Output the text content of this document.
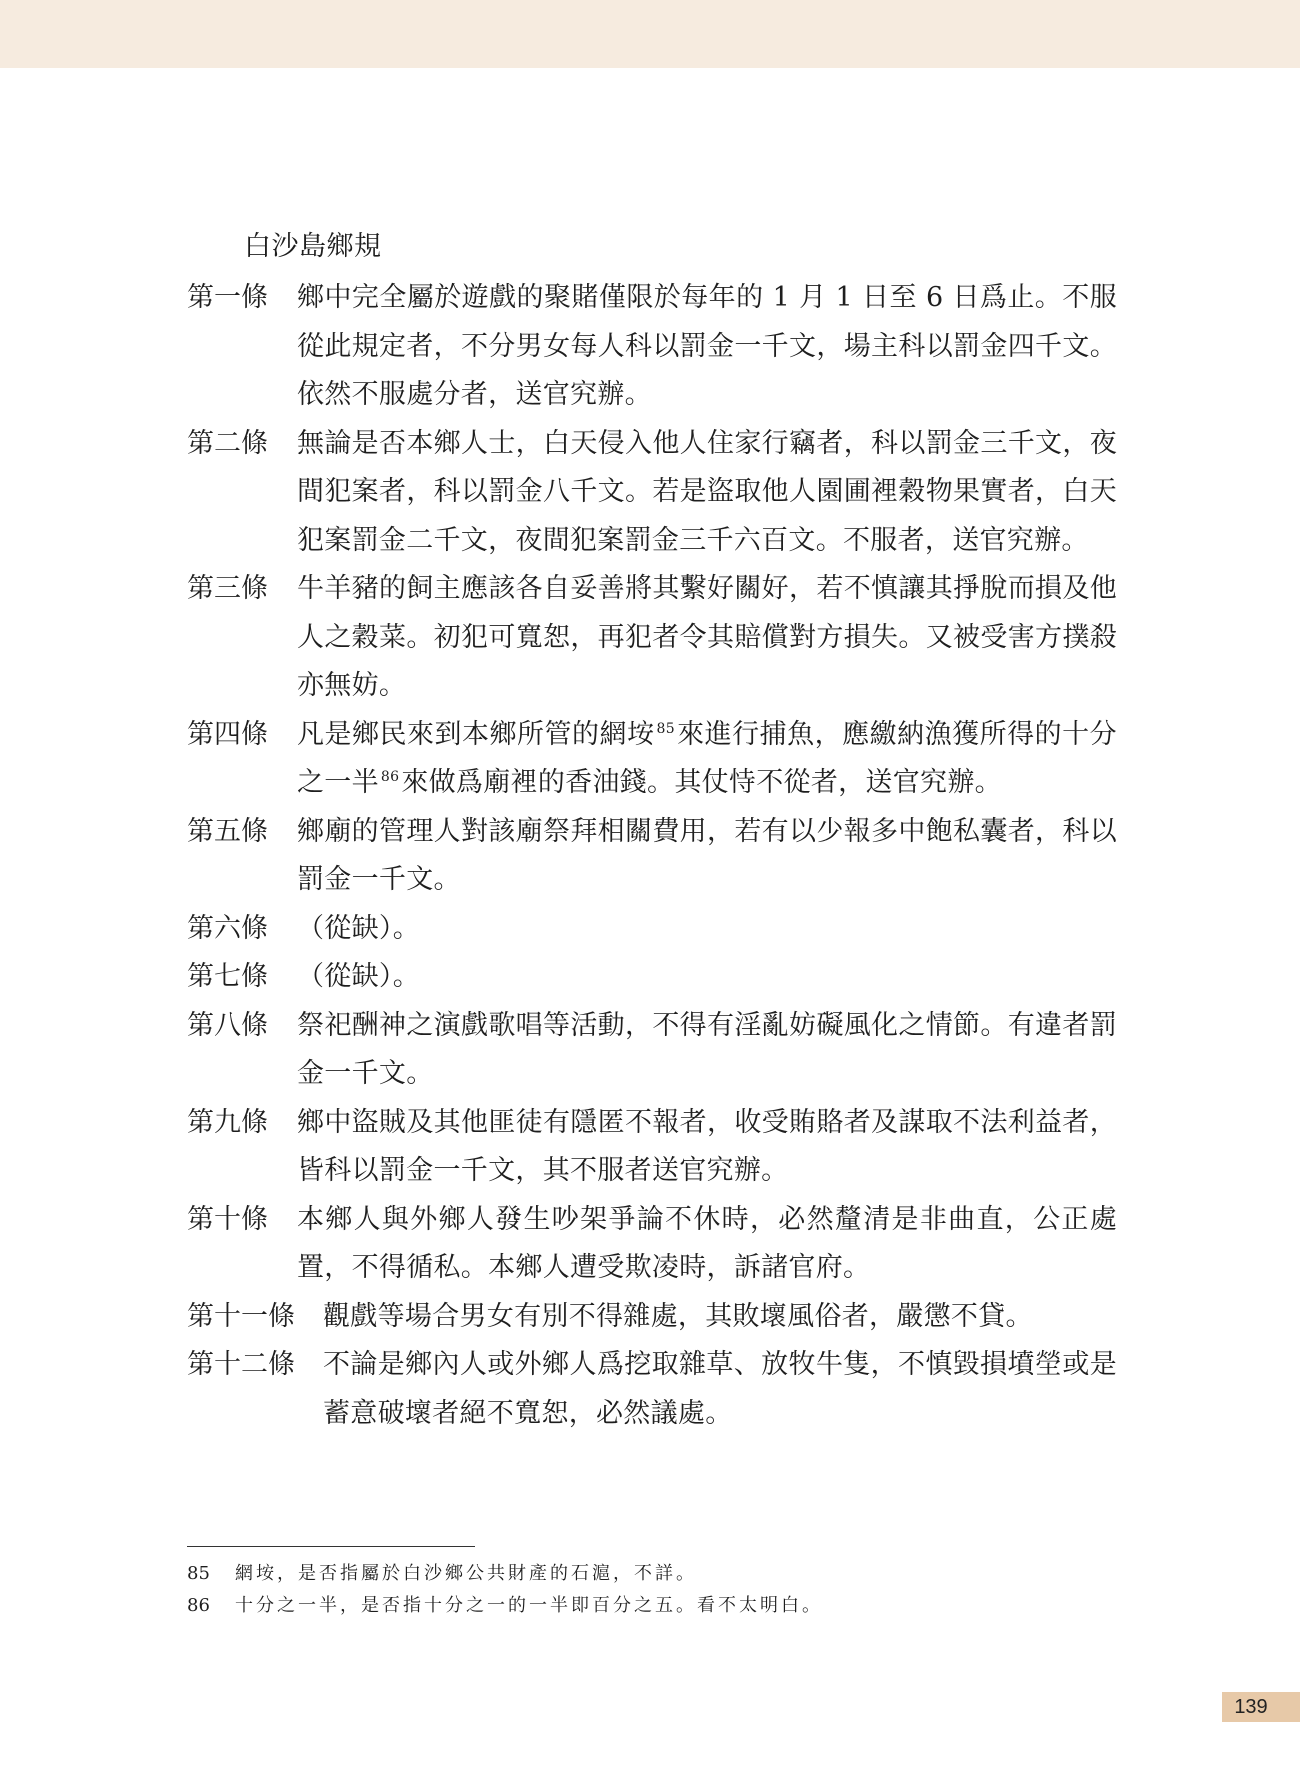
白沙島鄉規
第一條	鄉中完全屬於遊戲的聚賭僅限於每年的 1 月 1 日至 6 日爲止。不服從此規定者，不分男女每人科以罰金一千文，場主科以罰金四千文。依然不服處分者，送官究辦。
第二條	無論是否本鄉人士，白天侵入他人住家行竊者，科以罰金三千文，夜間犯案者，科以罰金八千文。若是盜取他人園圃裡穀物果實者，白天犯案罰金二千文，夜間犯案罰金三千六百文。不服者，送官究辦。
第三條	牛羊豬的飼主應該各自妥善將其繫好關好，若不慎讓其掙脫而損及他人之穀菜。初犯可寬恕，再犯者令其賠償對方損失。又被受害方撲殺亦無妨。
第四條	凡是鄉民來到本鄉所管的網垵 $^{85}$來進行捕魚，應繳納漁獲所得的十分之一半 $^{86}$來做爲廟裡的香油錢。其仗恃不從者，送官究辦。
第五條	鄉廟的管理人對該廟祭拜相關費用，若有以少報多中飽私囊者，科以罰金一千文。
第六條	（從缺）。
第七條	（從缺）。
第八條	祭祀酬神之演戲歌唱等活動，不得有淫亂妨礙風化之情節。有違者罰金一千文。
第九條	鄉中盜賊及其他匪徒有隱匿不報者，收受賄賂者及謀取不法利益者，皆科以罰金一千文，其不服者送官究辦。
第十條	本鄉人與外鄉人發生吵架爭論不休時，必然釐清是非曲直，公正處置，不得循私。本鄉人遭受欺凌時，訴諸官府。
第十一條	觀戲等場合男女有別不得雜處，其敗壞風俗者，嚴懲不貸。
第十二條	不論是鄉內人或外鄉人爲挖取雜草、放牧牛隻，不慎毀損墳塋或是蓄意破壞者絕不寬恕，必然議處。
85	網垵，是否指屬於白沙鄉公共財產的石滬，不詳。
86	十分之一半，是否指十分之一的一半即百分之五。看不太明白。
139
